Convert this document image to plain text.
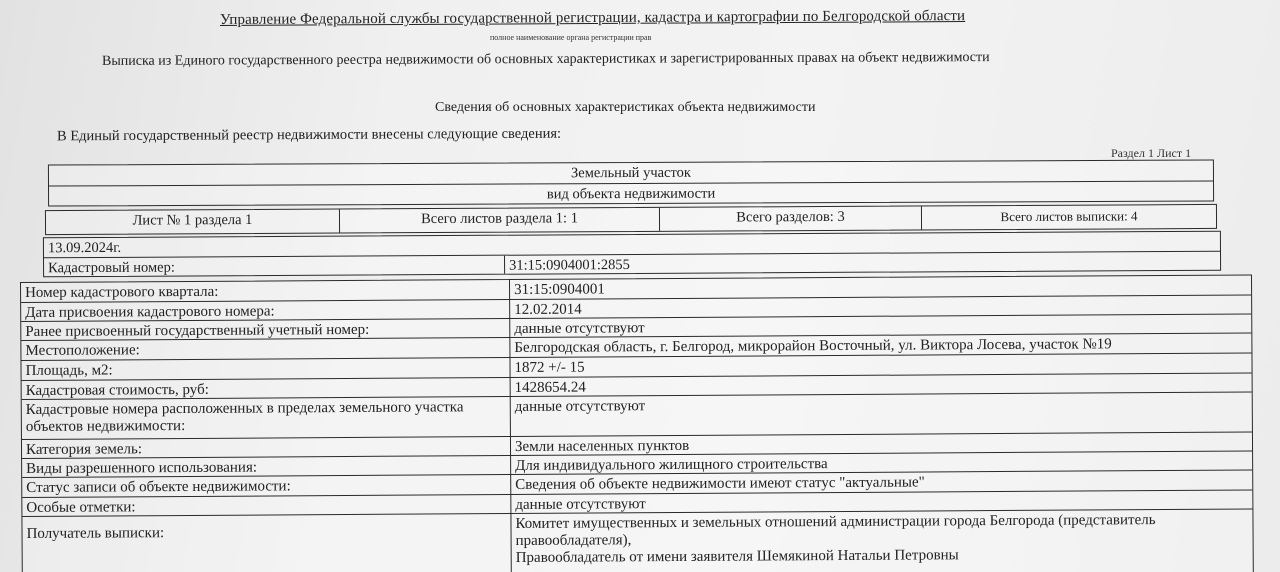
Управление Федеральной службы государственной регистрации, кадастра и картографии по Белгородской области
полное наименование органа регистрации прав
Выписка из Единого государственного реестра недвижимости об основных характеристиках и зарегистрированных правах на объект недвижимости
Сведения об основных характеристиках объекта недвижимости
В Единый государственный реестр недвижимости внесены следующие сведения:
Раздел 1 Лист 1
Земельный участок
вид объекта недвижимости
Лист № 1 раздела 1	Всего листов раздела 1: 1	Всего разделов: 3	Всего листов выписки: 4
13.09.2024г.
Кадастровый номер:	31:15:0904001:2855
Номер кадастрового квартала:	31:15:0904001
Дата присвоения кадастрового номера:	12.02.2014
Ранее присвоенный государственный учетный номер:	данные отсутствуют
Местоположение:	Белгородская область, г. Белгород, микрорайон Восточный, ул. Виктора Лосева, участок №19
Площадь, м2:	1872 +/- 15
Кадастровая стоимость, руб:	1428654.24
Кадастровые номера расположенных в пределах земельного участка объектов недвижимости:
данные отсутствуют
Категория земель:	Земли населенных пунктов
Виды разрешенного использования:	Для индивидуального жилищного строительства
Статус записи об объекте недвижимости:	Сведения об объекте недвижимости имеют статус "актуальные"
Особые отметки:	данные отсутствуют
Получатель выписки:
Комитет имущественных и земельных отношений администрации города Белгорода (представитель правообладателя),
Правообладатель от имени заявителя Шемякиной Натальи Петровны
